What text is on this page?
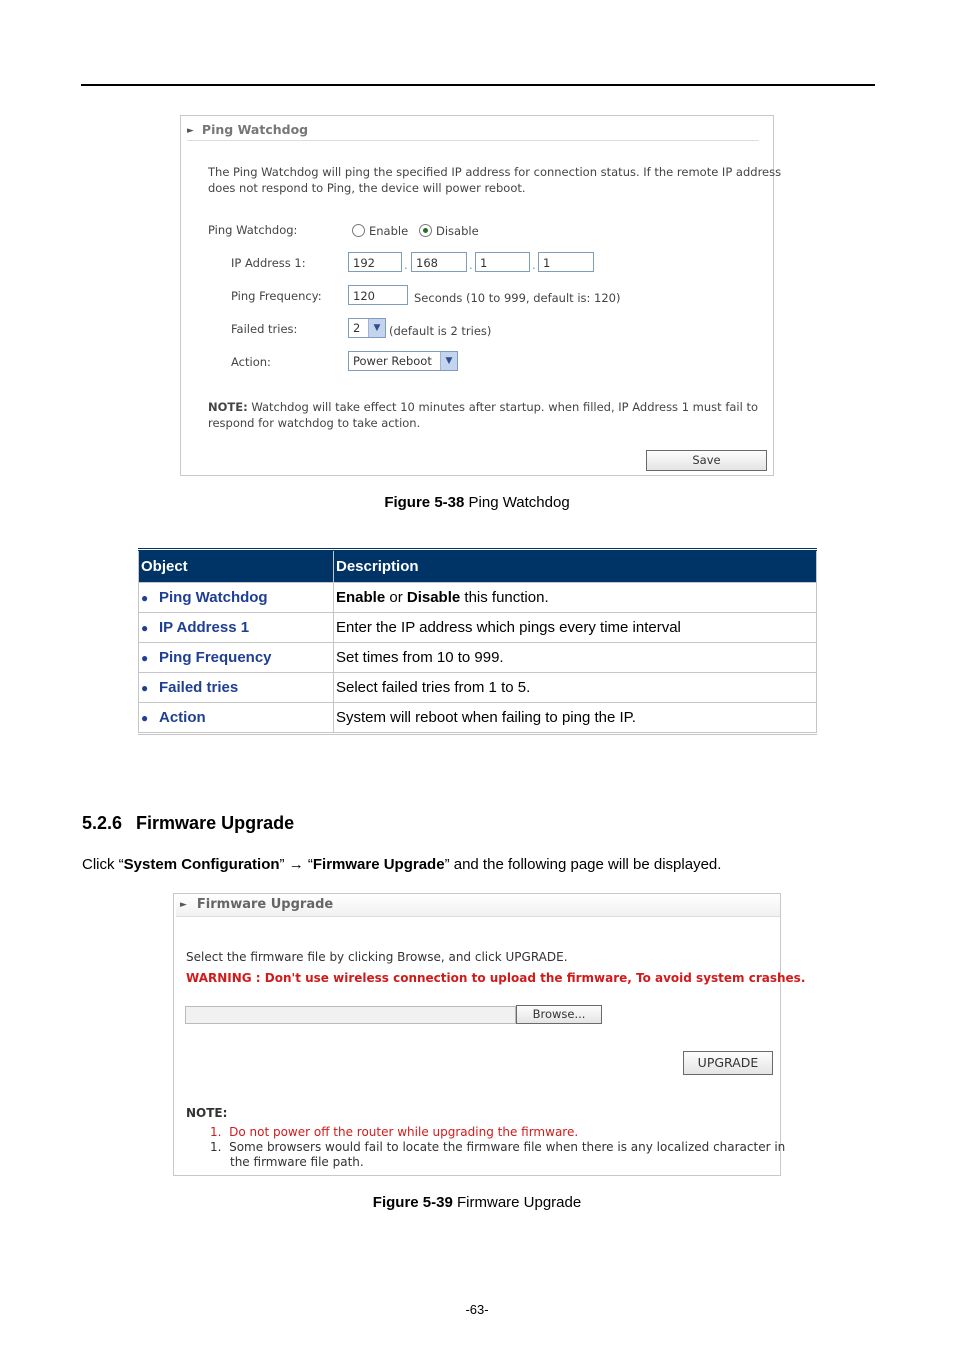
► Ping Watchdog
The Ping Watchdog will ping the specified IP address for connection status. If the remote IP address
does not respond to Ping, the device will power reboot.
Ping Watchdog:	Enable	Disable
IP Address 1:	192	. 168	. 1	. 1
Ping Frequency:	120	Seconds (10 to 999, default is: 120)
Failed tries:	2	▼ (default is 2 tries)
Action:	Power Reboot	▼
NOTE: Watchdog will take effect 10 minutes after startup. when filled, IP Address 1 must fail to
respond for watchdog to take action.
Save
Figure 5-38 Ping Watchdog
Object	Description
● Ping Watchdog	Enable or Disable this function.
● IP Address 1	Enter the IP address which pings every time interval
● Ping Frequency	Set times from 10 to 999.
● Failed tries	Select failed tries from 1 to 5.
● Action	System will reboot when failing to ping the IP.
5.2.6 Firmware Upgrade
Click “System Configuration” → “Firmware Upgrade” and the following page will be displayed.
► Firmware Upgrade
Select the firmware file by clicking Browse, and click UPGRADE.
WARNING : Don't use wireless connection to upload the firmware, To avoid system crashes.
Browse...
UPGRADE
NOTE:
1. Do not power off the router while upgrading the firmware.
1. Some browsers would fail to locate the firmware file when there is any localized character in
the firmware file path.
Figure 5-39 Firmware Upgrade
-63-
